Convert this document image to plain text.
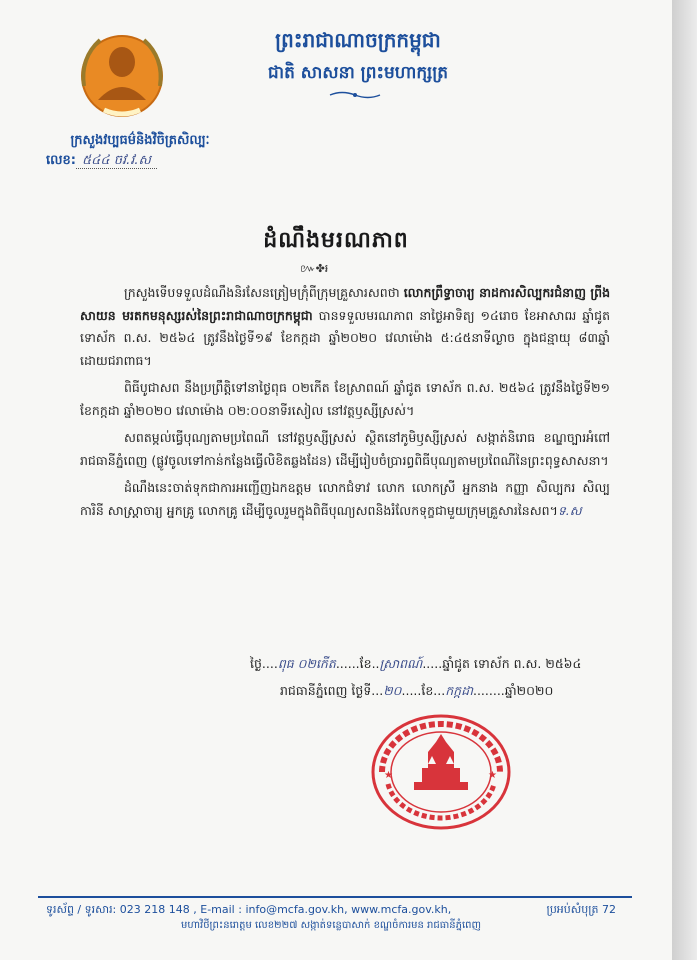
ព្រះរាជាណាចក្រកម្ពុជា
ជាតិ សាសនា ព្រះមហាក្សត្រ
ក្រសួងវប្បធម៌និងវិចិត្រសិល្បៈ
លេខ: ៥៤៤ ចវ.វ.ស
ដំណឹងមរណភាព
៚✤៛

ក្រសួងទើបទទួលដំណឹងនិរសែនត្រៀមក្រុំពីក្រុមគ្រួសារសពថា លោកព្រឹទ្ធាចារ្យ នាដការសិល្បករជំនាញ ព្រីង សាយន មរតកមនុស្សរស់នៃព្រះរាជាណាចក្រកម្ពុជា បានទទួលមរណភាព នាថ្ងៃអាទិត្យ ១៤រោច ខែអាសាឍ ឆ្នាំជូត ទោស័ក ព.ស. ២៥៦៤ ត្រូវនឹងថ្ងៃទី១៩ ខែកក្កដា ឆ្នាំ២០២០ វេលាម៉ោង ៥:៤៥នាទីល្ងាច ក្នុងជន្មាយុ ៨៣ឆ្នាំ ដោយជរាពាធ។

ពិធីបូជាសព នឹងប្រព្រឹត្តិទៅនាថ្ងៃពុធ ០២កើត ខែស្រាពណ៍ ឆ្នាំជូត ទោស័ក ព.ស. ២៥៦៤ ត្រូវនឹងថ្ងៃទី២១ ខែកក្កដា ឆ្នាំ២០២០ វេលាម៉ោង ០២:០០នាទីរសៀល នៅវត្តឫស្សីស្រស់។

សពតម្កល់ធ្វើបុណ្យតាមប្រពៃណី នៅវត្តឫស្សីស្រស់ ស្ថិតនៅភូមិឫស្សីស្រស់ សង្កាត់និរោធ ខណ្ឌច្បារអំពៅ រាជធានីភ្នំពេញ (ផ្លូវចូលទៅកាន់កន្លែងធ្វើលិខិតឆ្លងដែន) ដើម្បីរៀបចំប្រារព្ធពិធីបុណ្យតាមប្រពៃណីនៃព្រះពុទ្ធសាសនា។

ដំណឹងនេះចាត់ទុកជាការអញ្ជើញឯកឧត្តម លោកជំទាវ លោក លោកស្រី អ្នកនាង កញ្ញា សិល្បករ សិល្បការិនី សាស្ត្រាចារ្យ អ្នកគ្រូ លោកគ្រូ ដើម្បីចូលរួមក្នុងពិធីបុណ្យសពនិងរំលែកទុក្ខជាមួយក្រុមគ្រួសារនៃសព។ទ.ស

ថ្ងៃ....ពុធ ០២កើត......ខែ..ស្រាពណ៍.....ឆ្នាំជូត ទោស័ក ព.ស. ២៥៦៤
រាជធានីភ្នំពេញ ថ្ងៃទី...២០.....ខែ...កក្កដា........ឆ្នាំ២០២០
★	★
ទូរស័ព្ទ / ទូរសារ: 023 218 148 , E-mail : info@mcfa.gov.kh, www.mcfa.gov.kh,	ប្រអប់សំបុត្រ 72
មហាវិថីព្រះនរោត្តម លេខ២២៧ សង្កាត់ទន្លេបាសាក់ ខណ្ឌចំការមន រាជធានីភ្នំពេញ
